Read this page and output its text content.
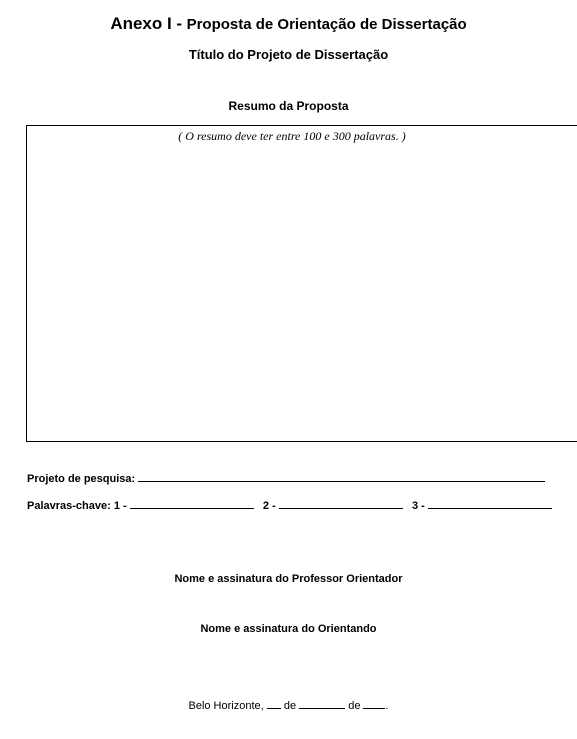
Anexo I - Proposta de Orientação de Dissertação
Título do Projeto de Dissertação
Resumo da Proposta
( O resumo deve ter entre 100 e 300 palavras. )
Projeto de pesquisa:
Palavras-chave: 1 -	2 -	3 -
Nome e assinatura do Professor Orientador
Nome e assinatura do Orientando
Belo Horizonte, de	de .
